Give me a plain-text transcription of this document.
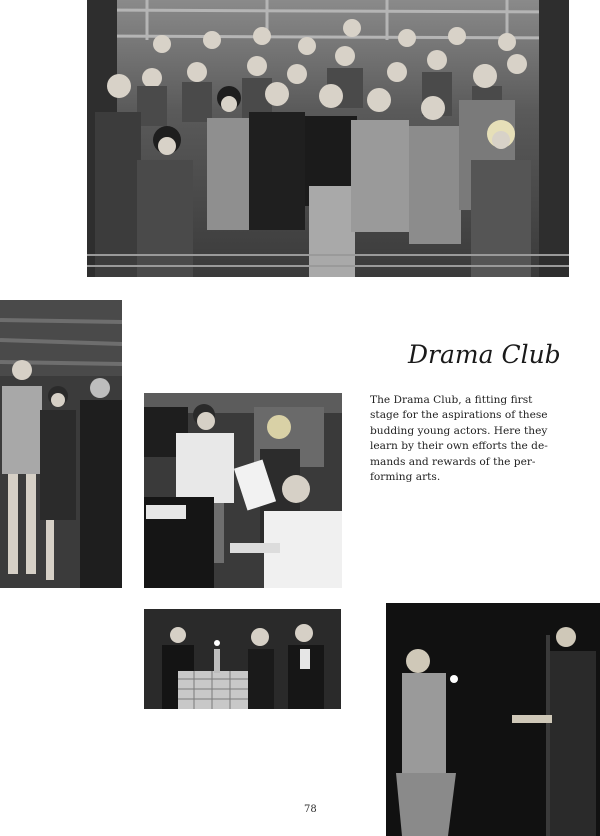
Drama Club
The Drama Club, a fitting first
stage for the aspirations of these
budding young actors. Here they
learn by their own efforts the de-
mands and rewards of the per-
forming arts.
78
